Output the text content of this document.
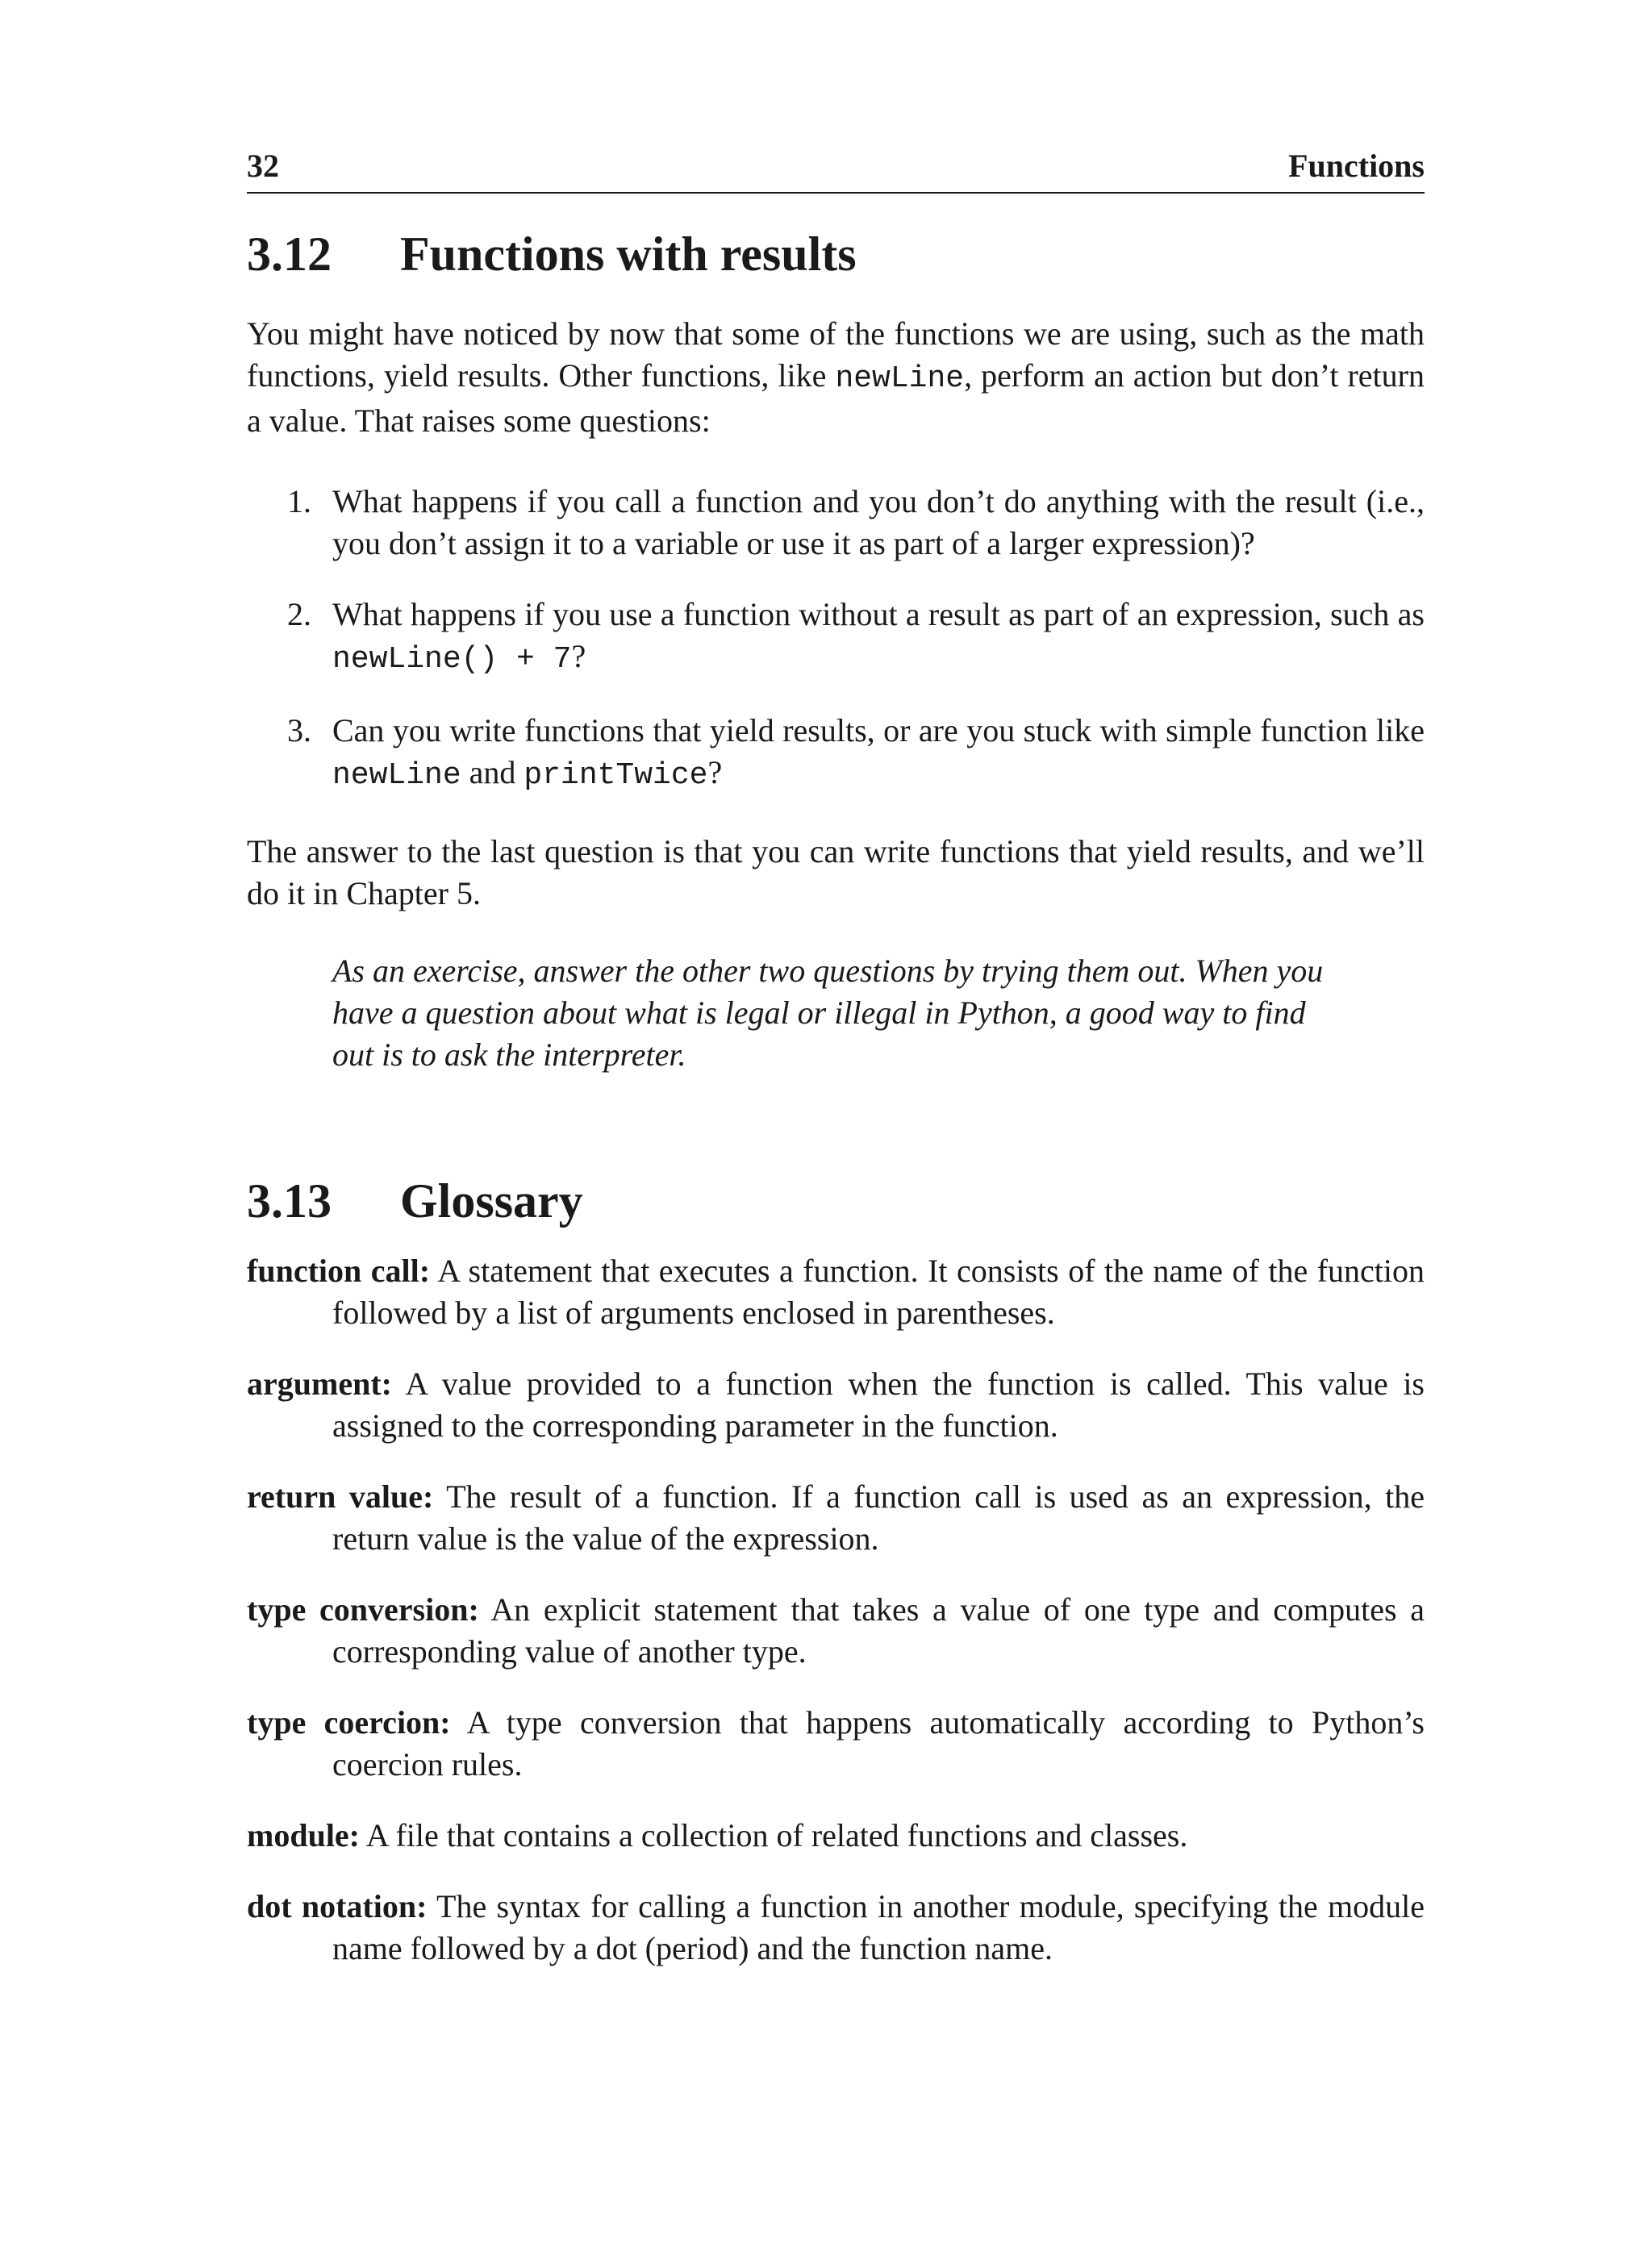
32	Functions
3.12	Functions with results

You might have noticed by now that some of the functions we are using, such as the math functions, yield results. Other functions, like newLine, perform an action but don’t return a value. That raises some questions:

1. What happens if you call a function and you don’t do anything with the result (i.e., you don’t assign it to a variable or use it as part of a larger expression)?
2. What happens if you use a function without a result as part of an expression, such as newLine() + 7?
3. Can you write functions that yield results, or are you stuck with simple function like newLine and printTwice?

The answer to the last question is that you can write functions that yield results, and we’ll do it in Chapter 5.

As an exercise, answer the other two questions by trying them out. When you have a question about what is legal or illegal in Python, a good way to find out is to ask the interpreter.

3.13	Glossary

function call: A statement that executes a function. It consists of the name of the function followed by a list of arguments enclosed in parentheses.

argument: A value provided to a function when the function is called. This value is assigned to the corresponding parameter in the function.

return value: The result of a function. If a function call is used as an expression, the return value is the value of the expression.

type conversion: An explicit statement that takes a value of one type and computes a corresponding value of another type.

type coercion: A type conversion that happens automatically according to Python’s coercion rules.

module: A file that contains a collection of related functions and classes.

dot notation: The syntax for calling a function in another module, specifying the module name followed by a dot (period) and the function name.
